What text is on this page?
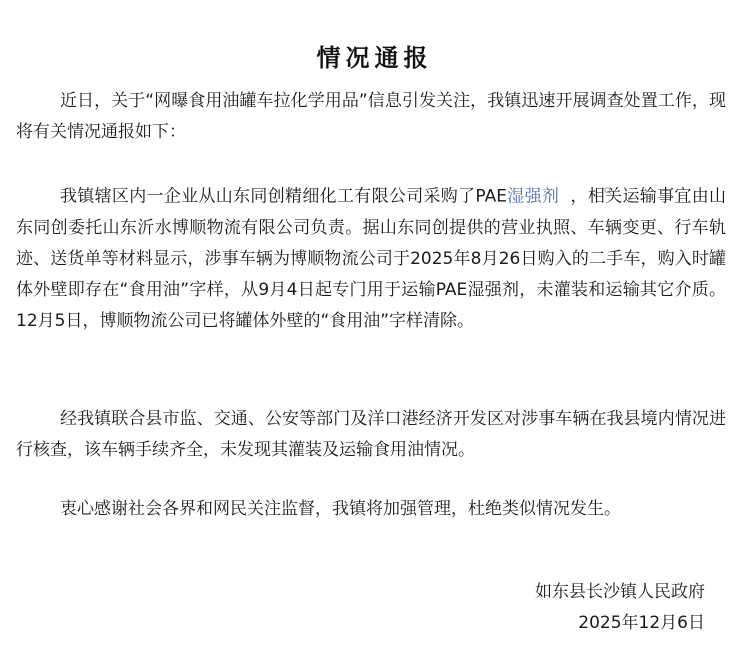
情况通报

近日，关于“网曝食用油罐车拉化学用品”信息引发关注，我镇迅速开展调查处置工作，现将有关情况通报如下：

我镇辖区内一企业从山东同创精细化工有限公司采购了PAE湿强剂 ，相关运输事宜由山东同创委托山东沂水博顺物流有限公司负责。据山东同创提供的营业执照、车辆变更、行车轨迹、送货单等材料显示，涉事车辆为博顺物流公司于2025年8月26日购入的二手车，购入时罐体外壁即存在“食用油”字样，从9月4日起专门用于运输PAE湿强剂，未灌装和运输其它介质。12月5日，博顺物流公司已将罐体外壁的“食用油”字样清除。

经我镇联合县市监、交通、公安等部门及洋口港经济开发区对涉事车辆在我县境内情况进行核查，该车辆手续齐全，未发现其灌装及运输食用油情况。

衷心感谢社会各界和网民关注监督，我镇将加强管理，杜绝类似情况发生。

如东县长沙镇人民政府
2025年12月6日
